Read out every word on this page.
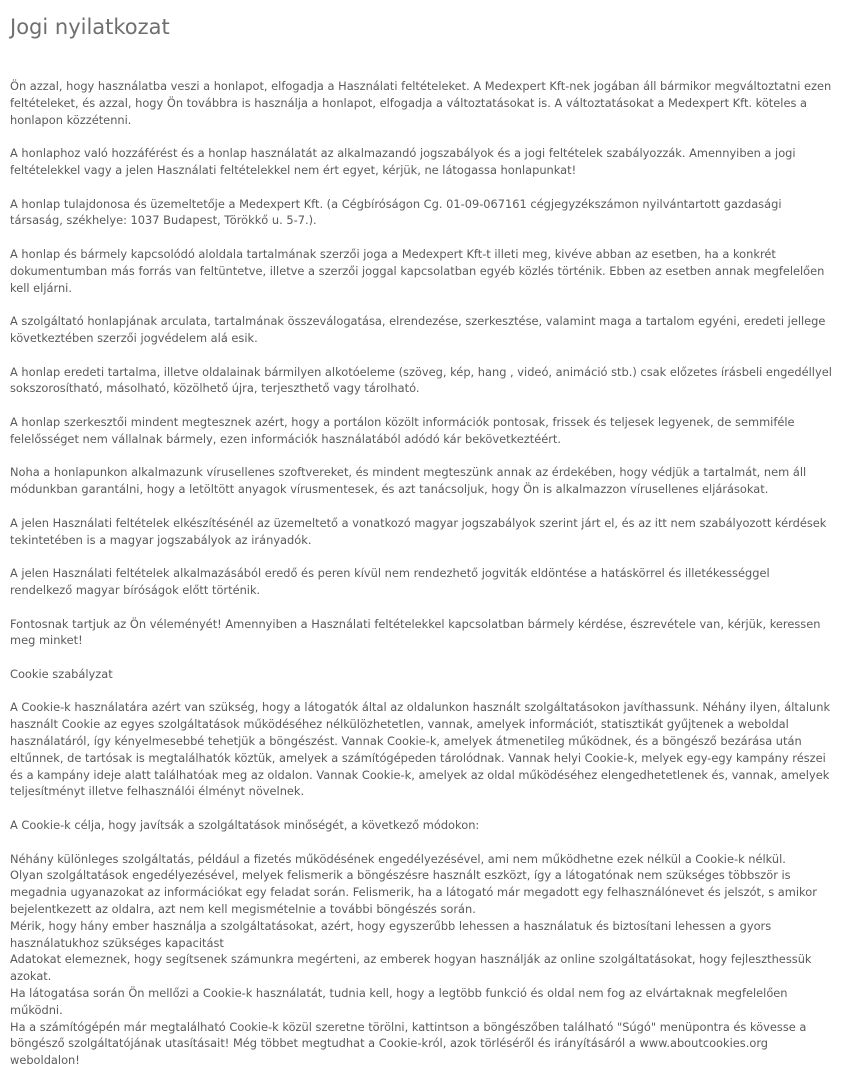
Jogi nyilatkozat

Ön azzal, hogy használatba veszi a honlapot, elfogadja a Használati feltételeket. A Medexpert Kft-nek jogában áll bármikor megváltoztatni ezen feltételeket, és azzal, hogy Ön továbbra is használja a honlapot, elfogadja a változtatásokat is. A változtatásokat a Medexpert Kft. köteles a honlapon közzétenni.

A honlaphoz való hozzáférést és a honlap használatát az alkalmazandó jogszabályok és a jogi feltételek szabályozzák. Amennyiben a jogi feltételekkel vagy a jelen Használati feltételekkel nem ért egyet, kérjük, ne látogassa honlapunkat!

A honlap tulajdonosa és üzemeltetője a Medexpert Kft. (a Cégbíróságon Cg. 01-09-067161 cégjegyzékszámon nyilvántartott gazdasági társaság, székhelye: 1037 Budapest, Törökkő u. 5-7.).

A honlap és bármely kapcsolódó aloldala tartalmának szerzői joga a Medexpert Kft-t illeti meg, kivéve abban az esetben, ha a konkrét dokumentumban más forrás van feltüntetve, illetve a szerzői joggal kapcsolatban egyéb közlés történik. Ebben az esetben annak megfelelően kell eljárni.

A szolgáltató honlapjának arculata, tartalmának összeválogatása, elrendezése, szerkesztése, valamint maga a tartalom egyéni, eredeti jellege következtében szerzői jogvédelem alá esik.

A honlap eredeti tartalma, illetve oldalainak bármilyen alkotóeleme (szöveg, kép, hang , videó, animáció stb.) csak előzetes írásbeli engedéllyel sokszorosítható, másolható, közölhető újra, terjeszthető vagy tárolható.

A honlap szerkesztői mindent megtesznek azért, hogy a portálon közölt információk pontosak, frissek és teljesek legyenek, de semmiféle felelősséget nem vállalnak bármely, ezen információk használatából adódó kár bekövetkeztéért.

Noha a honlapunkon alkalmazunk vírusellenes szoftvereket, és mindent megteszünk annak az érdekében, hogy védjük a tartalmát, nem áll módunkban garantálni, hogy a letöltött anyagok vírusmentesek, és azt tanácsoljuk, hogy Ön is alkalmazzon vírusellenes eljárásokat.

A jelen Használati feltételek elkészítésénél az üzemeltető a vonatkozó magyar jogszabályok szerint járt el, és az itt nem szabályozott kérdések tekintetében is a magyar jogszabályok az irányadók.

A jelen Használati feltételek alkalmazásából eredő és peren kívül nem rendezhető jogviták eldöntése a hatáskörrel és illetékességgel rendelkező magyar bíróságok előtt történik.

Fontosnak tartjuk az Ön véleményét! Amennyiben a Használati feltételekkel kapcsolatban bármely kérdése, észrevétele van, kérjük, keressen meg minket!

Cookie szabályzat

A Cookie-k használatára azért van szükség, hogy a látogatók által az oldalunkon használt szolgáltatásokon javíthassunk. Néhány ilyen, általunk használt Cookie az egyes szolgáltatások működéséhez nélkülözhetetlen, vannak, amelyek információt, statisztikát gyűjtenek a weboldal használatáról, így kényelmesebbé tehetjük a böngészést. Vannak Cookie-k, amelyek átmenetileg működnek, és a böngésző bezárása után eltűnnek, de tartósak is megtalálhatók köztük, amelyek a számítógépeden tárolódnak. Vannak helyi Cookie-k, melyek egy-egy kampány részei és a kampány ideje alatt találhatóak meg az oldalon. Vannak Cookie-k, amelyek az oldal működéséhez elengedhetetlenek és, vannak, amelyek teljesítményt illetve felhasználói élményt növelnek.

A Cookie-k célja, hogy javítsák a szolgáltatások minőségét, a következő módokon:

Néhány különleges szolgáltatás, például a fizetés működésének engedélyezésével, ami nem működhetne ezek nélkül a Cookie-k nélkül.
Olyan szolgáltatások engedélyezésével, melyek felismerik a böngészésre használt eszközt, így a látogatónak nem szükséges többször is megadnia ugyanazokat az információkat egy feladat során. Felismerik, ha a látogató már megadott egy felhasználónevet és jelszót, s amikor bejelentkezett az oldalra, azt nem kell megismételnie a további böngészés során.
Mérik, hogy hány ember használja a szolgáltatásokat, azért, hogy egyszerűbb lehessen a használatuk és biztosítani lehessen a gyors használatukhoz szükséges kapacitást
Adatokat elemeznek, hogy segítsenek számunkra megérteni, az emberek hogyan használják az online szolgáltatásokat, hogy fejleszthessük azokat.
Ha látogatása során Ön mellőzi a Cookie-k használatát, tudnia kell, hogy a legtöbb funkció és oldal nem fog az elvártaknak megfelelően működni.
Ha a számítógépén már megtalálható Cookie-k közül szeretne törölni, kattintson a böngészőben található "Súgó" menüpontra és kövesse a böngésző szolgáltatójának utasításait! Még többet megtudhat a Cookie-król, azok törléséről és irányításáról a www.aboutcookies.org weboldalon!
